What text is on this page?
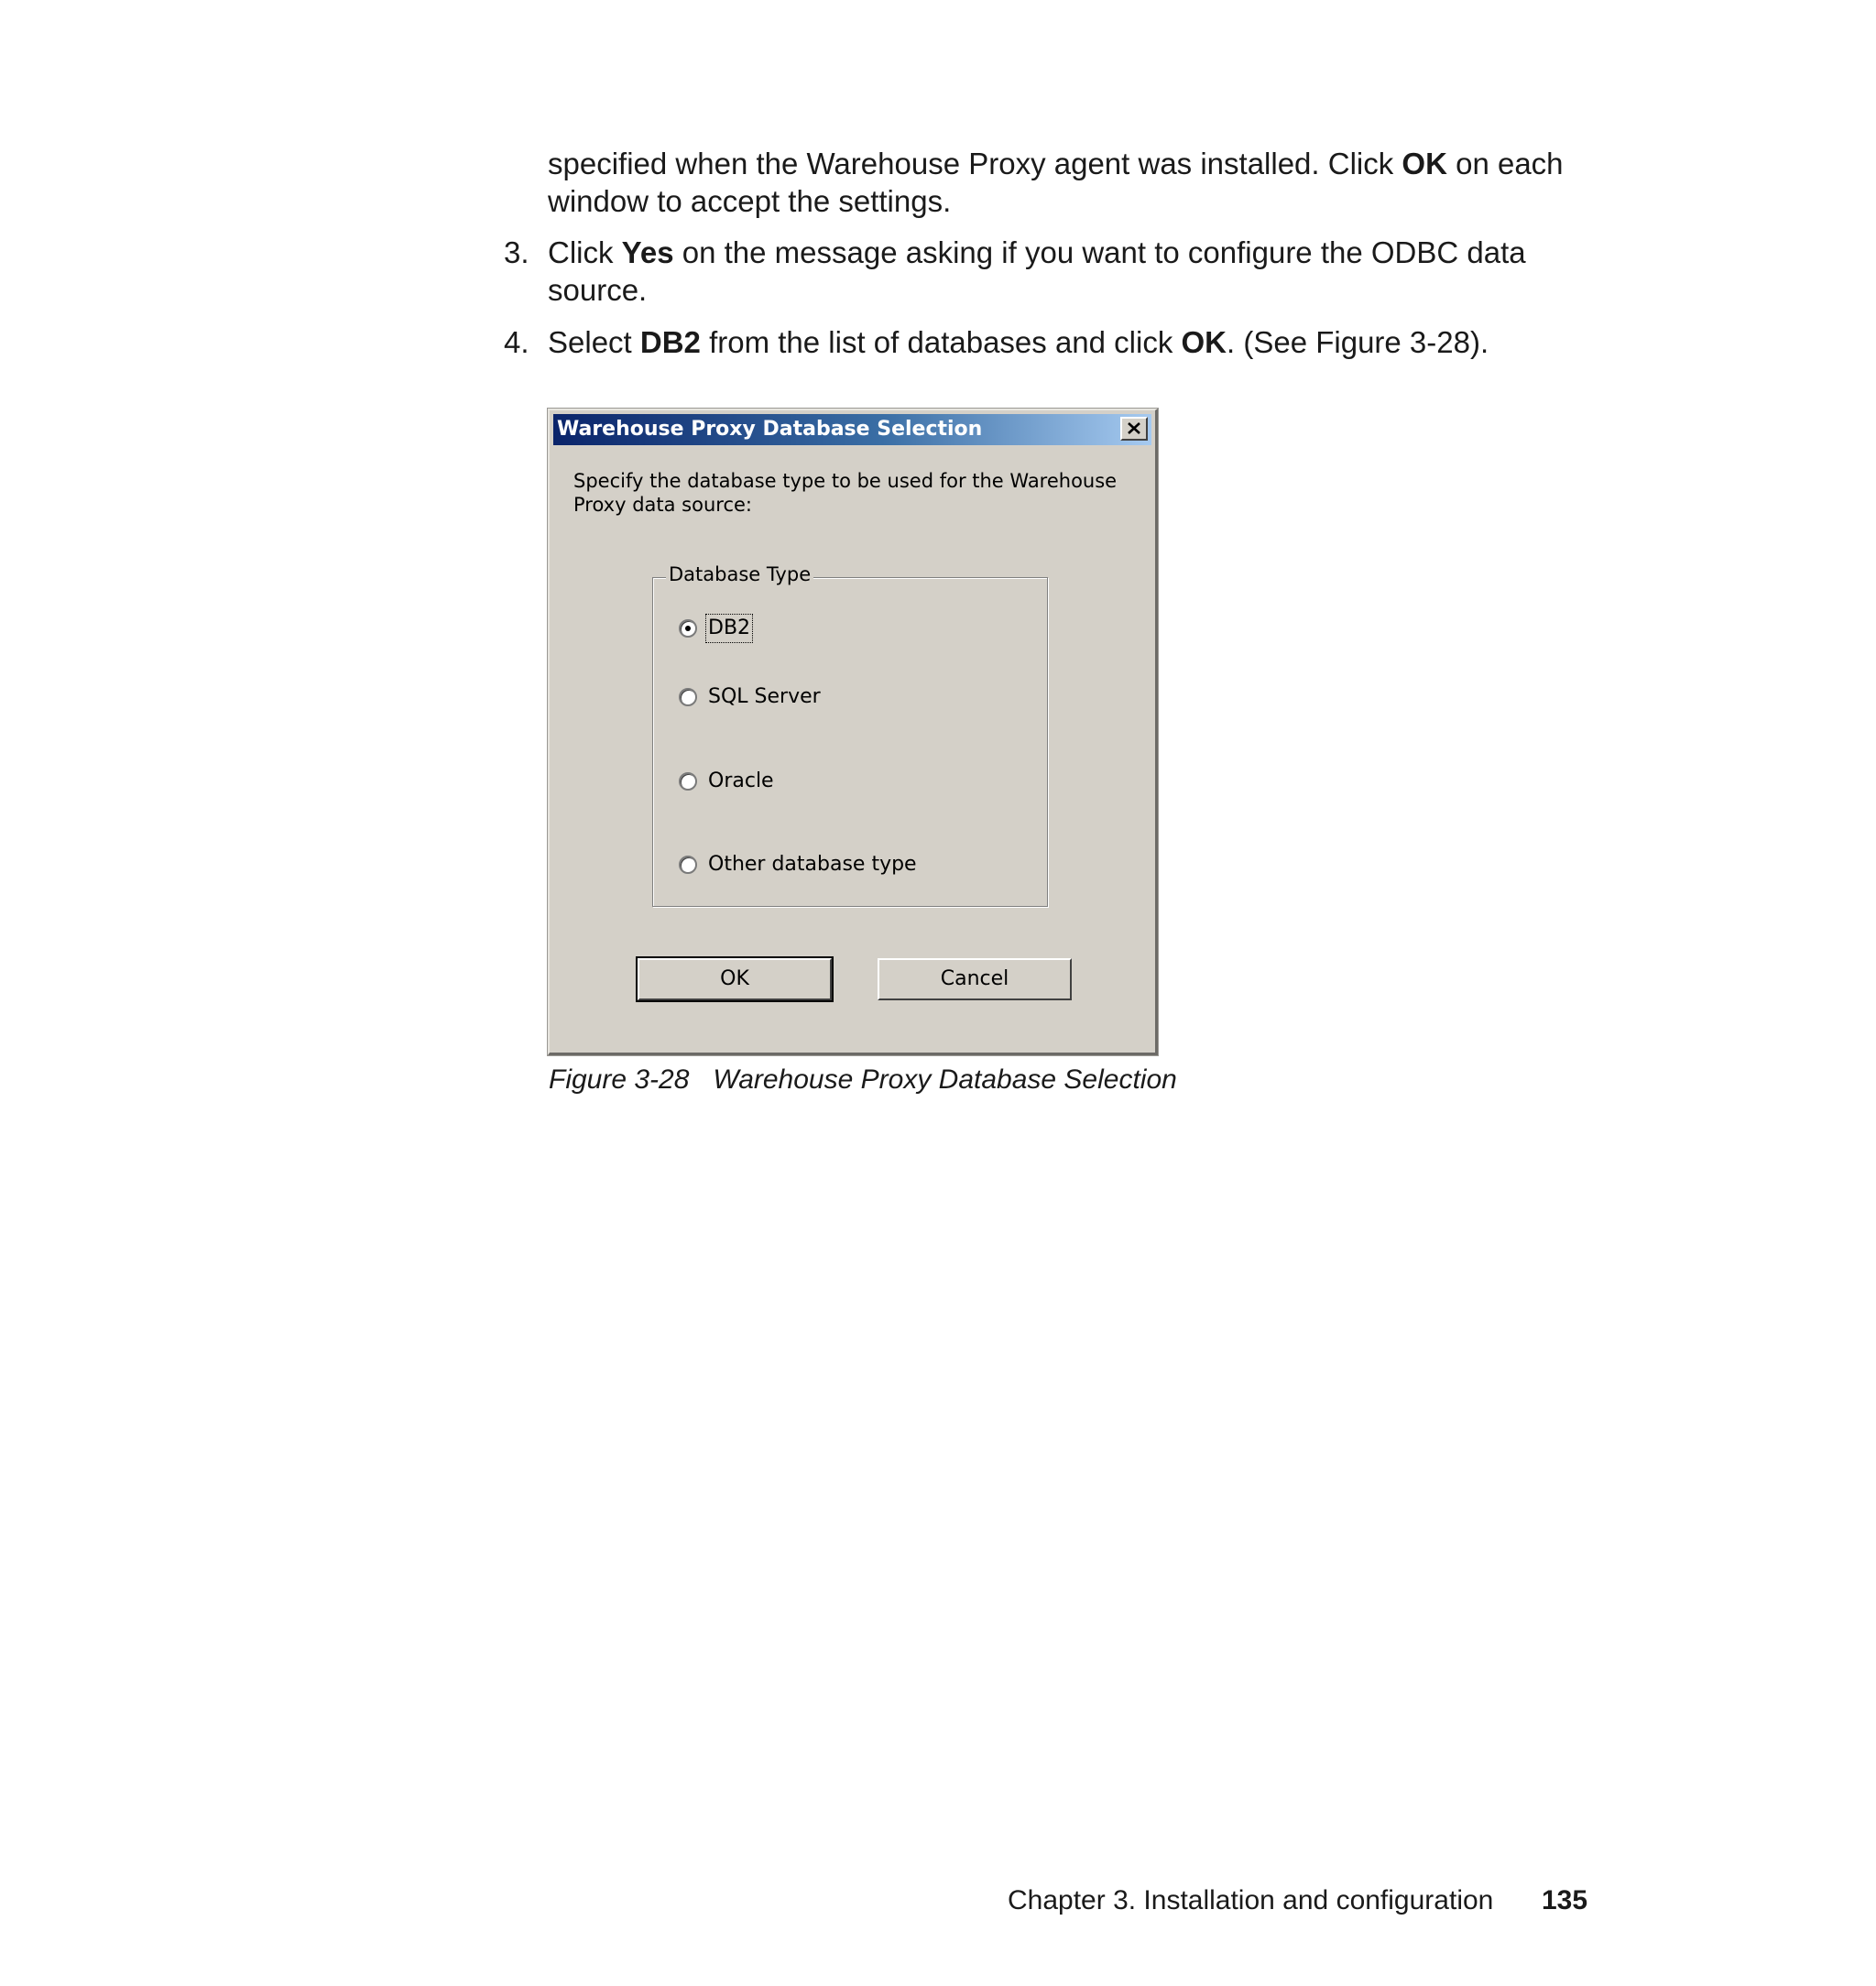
specified when the Warehouse Proxy agent was installed. Click OK on each
window to accept the settings.

3. Click Yes on the message asking if you want to configure the ODBC data
source.

4. Select DB2 from the list of databases and click OK. (See Figure 3-28).

Warehouse Proxy Database Selection
Specify the database type to be used for the Warehouse Proxy data source:
Database Type
DB2
SQL Server
Oracle
Other database type
OK	Cancel
Figure 3-28 Warehouse Proxy Database Selection
Chapter 3. Installation and configuration 135
